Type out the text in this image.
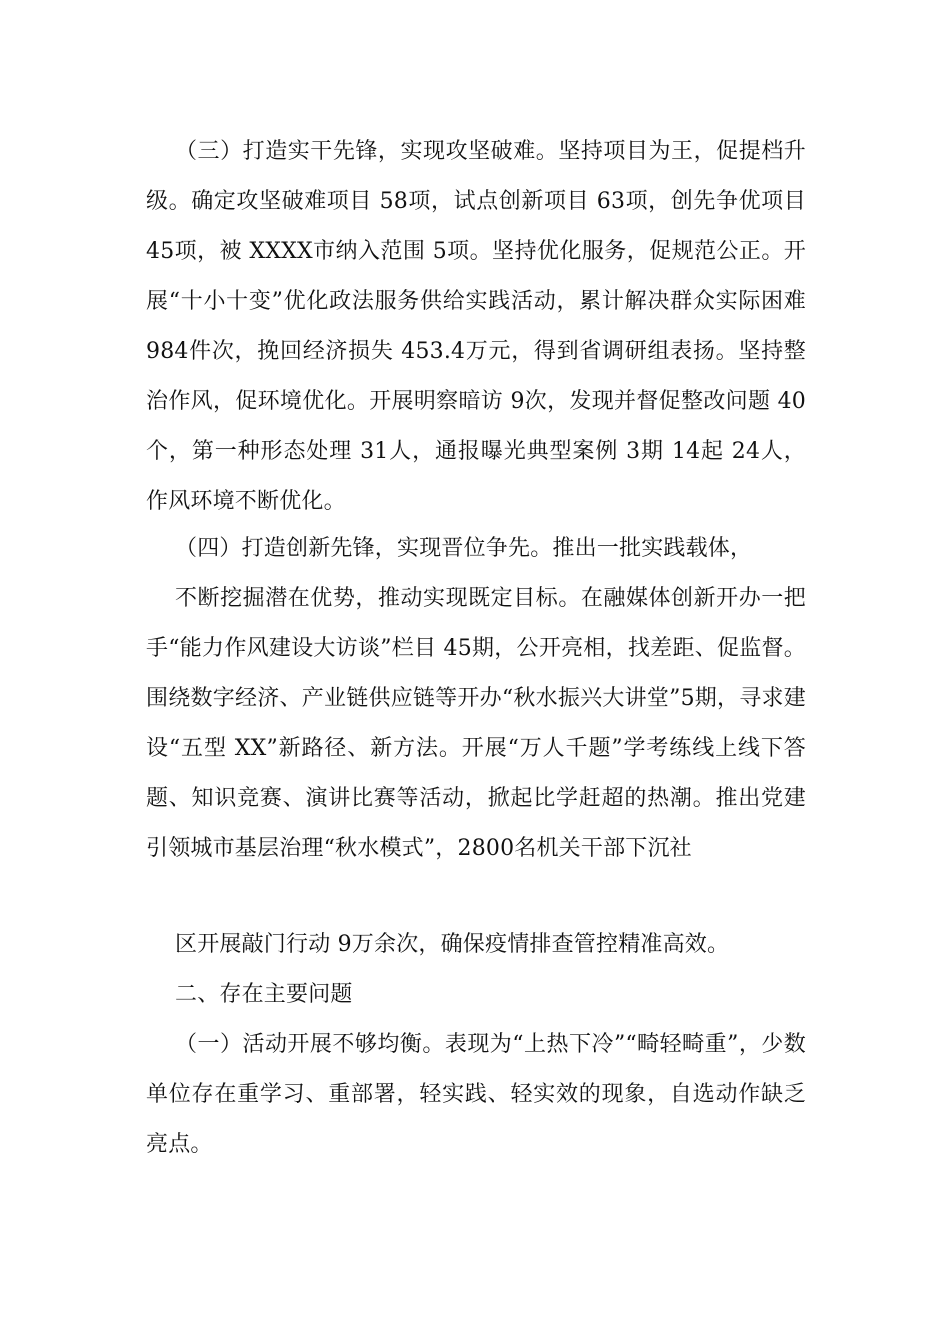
（三）打造实干先锋，实现攻坚破难。坚持项目为王，促提档升级。确定攻坚破难项目 58项，试点创新项目 63项，创先争优项目 45项，被 XXXX市纳入范围 5项。坚持优化服务，促规范公正。开展“十小十变”优化政法服务供给实践活动，累计解决群众实际困难 984件次，挽回经济损失 453.4万元，得到省调研组表扬。坚持整治作风，促环境优化。开展明察暗访 9次，发现并督促整改问题 40个，第一种形态处理 31人，通报曝光典型案例 3期 14起 24人，作风环境不断优化。

（四）打造创新先锋，实现晋位争先。推出一批实践载体，

不断挖掘潜在优势，推动实现既定目标。在融媒体创新开办一把手“能力作风建设大访谈”栏目 45期，公开亮相，找差距、促监督。围绕数字经济、产业链供应链等开办“秋水振兴大讲堂”5期，寻求建设“五型 XX”新路径、新方法。开展“万人千题”学考练线上线下答题、知识竞赛、演讲比赛等活动，掀起比学赶超的热潮。推出党建引领城市基层治理“秋水模式”，2800名机关干部下沉社

区开展敲门行动 9万余次，确保疫情排查管控精准高效。

二、存在主要问题

（一）活动开展不够均衡。表现为“上热下冷”“畸轻畸重”，少数单位存在重学习、重部署，轻实践、轻实效的现象，自选动作缺乏亮点。
